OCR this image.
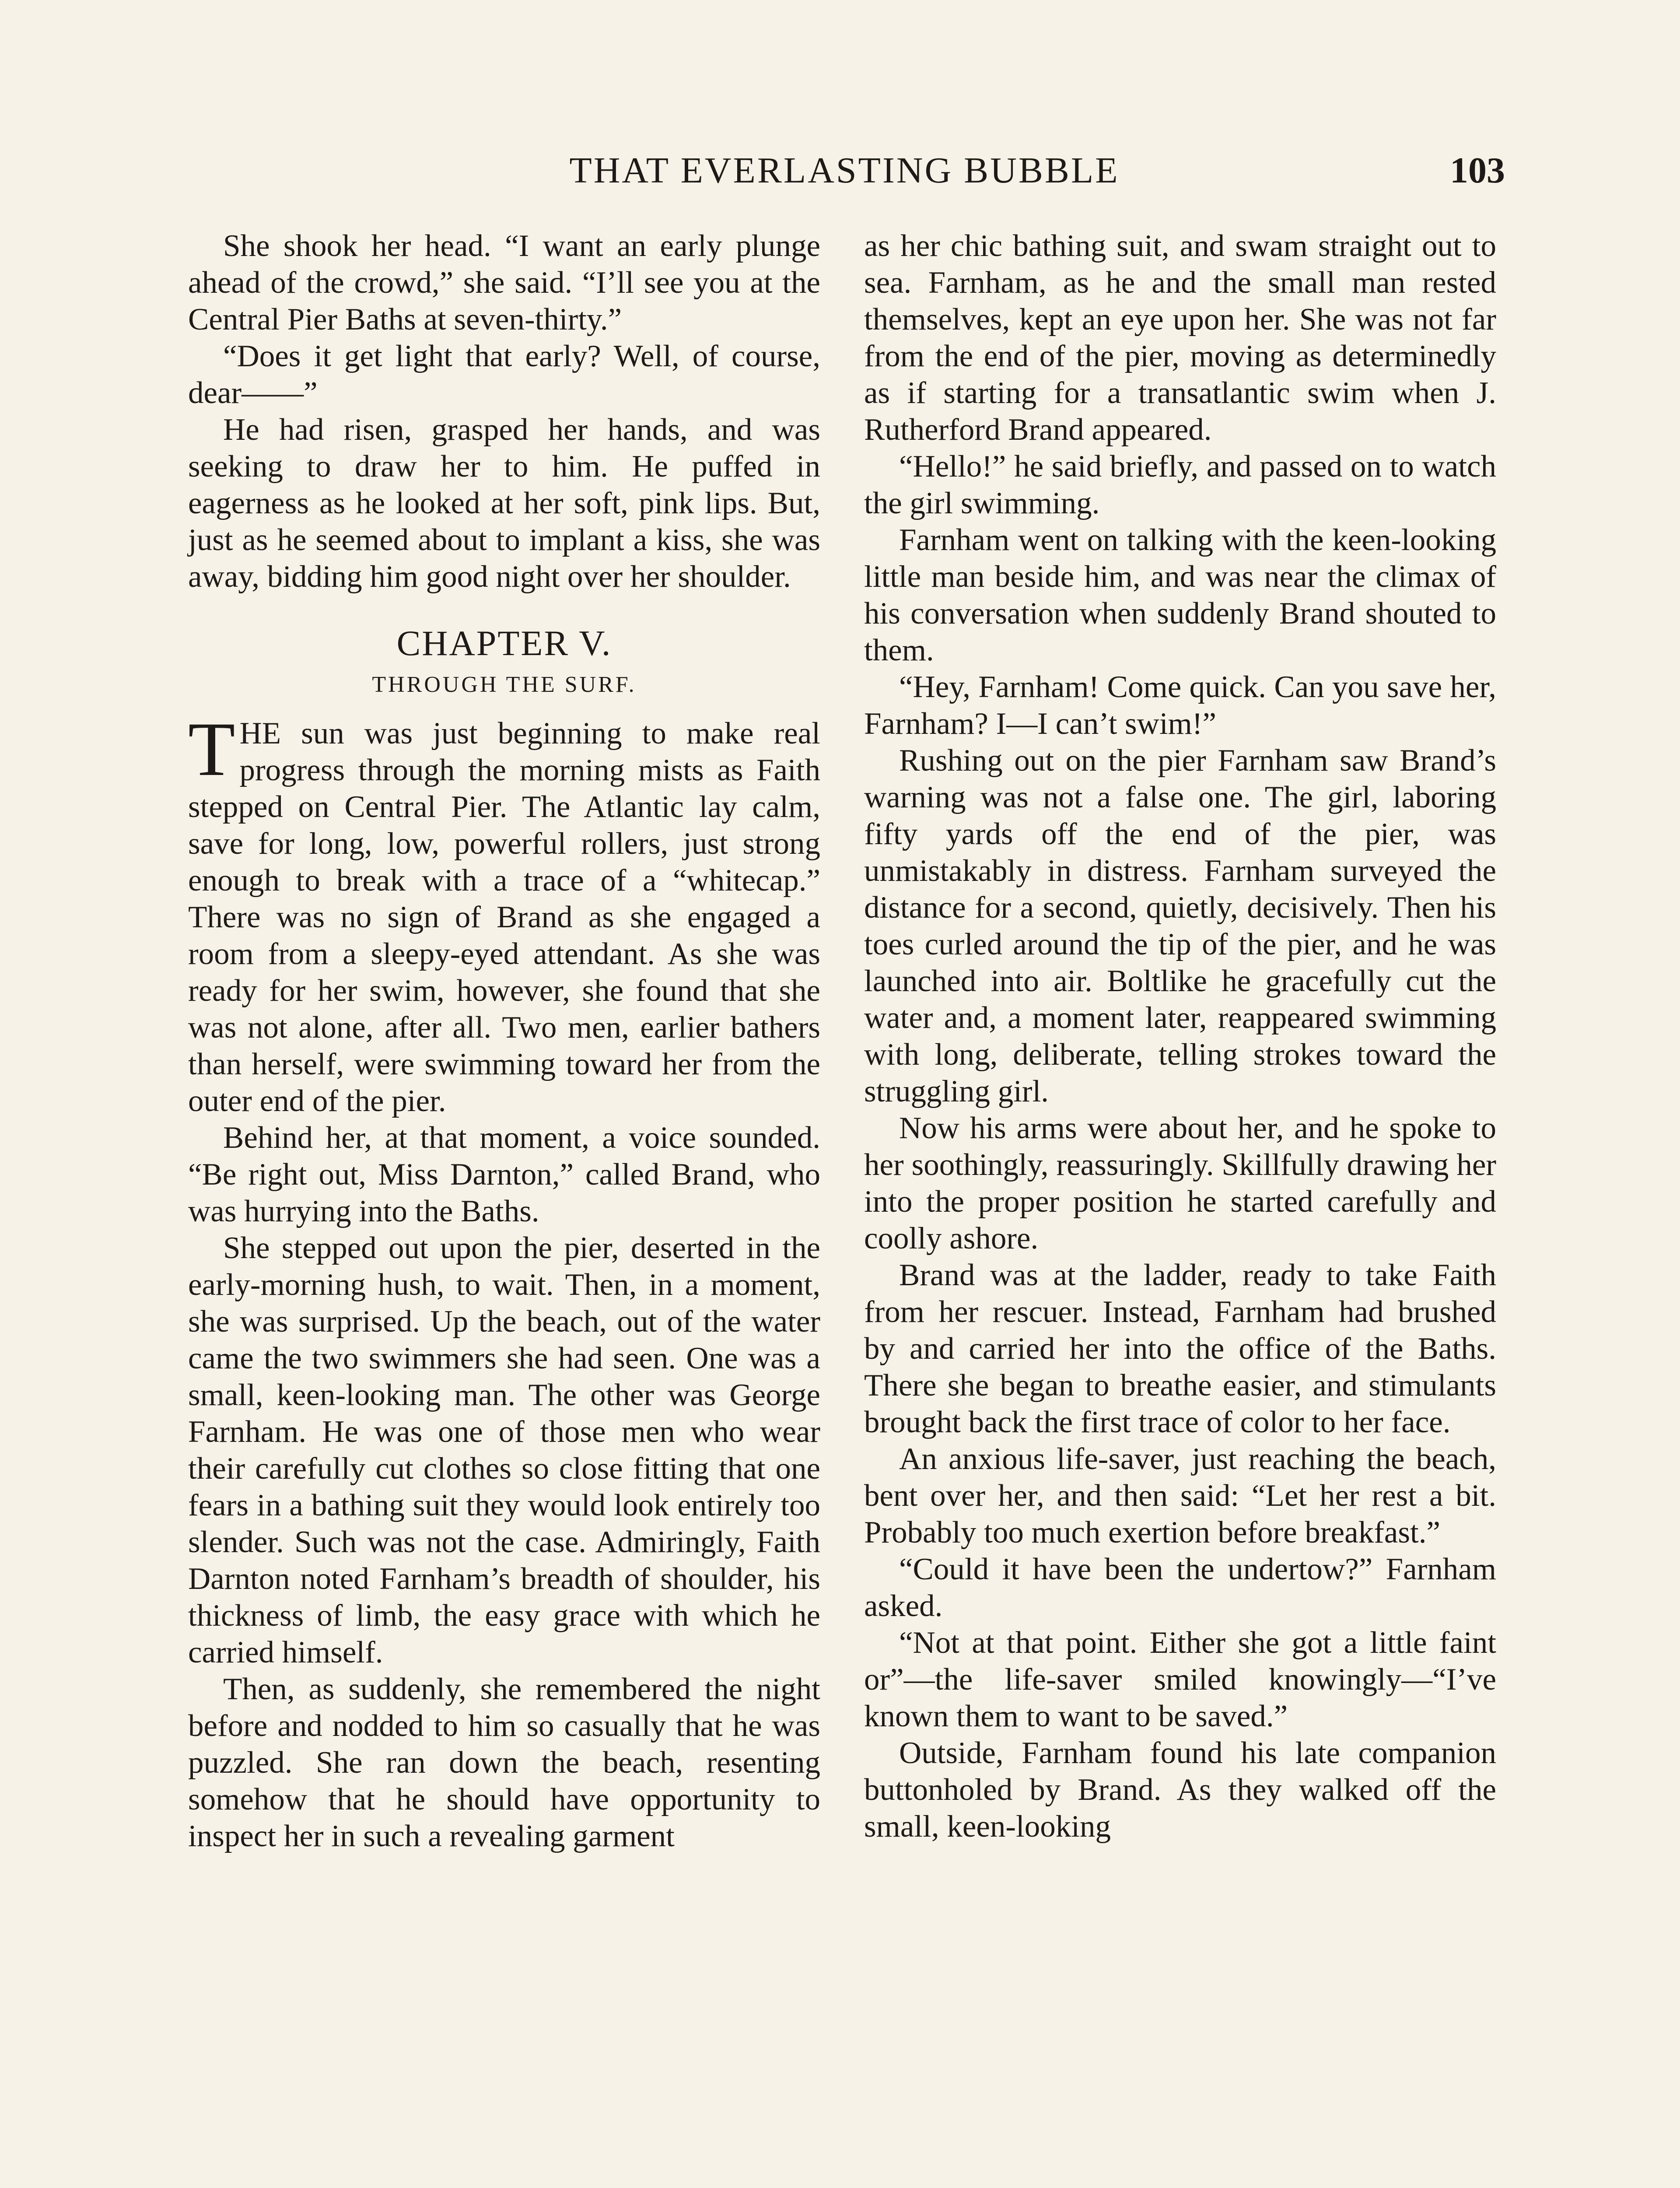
THAT EVERLASTING BUBBLE	103

She shook her head. “I want an early plunge ahead of the crowd,” she said. “I’ll see you at the Central Pier Baths at seven-thirty.”

“Does it get light that early? Well, of course, dear——”

He had risen, grasped her hands, and was seeking to draw her to him. He puffed in eagerness as he looked at her soft, pink lips. But, just as he seemed about to implant a kiss, she was away, bidding him good night over her shoulder.

CHAPTER V.
THROUGH THE SURF.

THE sun was just beginning to make real progress through the morning mists as Faith stepped on Central Pier. The Atlantic lay calm, save for long, low, powerful rollers, just strong enough to break with a trace of a “whitecap.” There was no sign of Brand as she engaged a room from a sleepy-eyed attendant. As she was ready for her swim, however, she found that she was not alone, after all. Two men, earlier bathers than herself, were swimming toward her from the outer end of the pier.

Behind her, at that moment, a voice sounded. “Be right out, Miss Darnton,” called Brand, who was hurrying into the Baths.

She stepped out upon the pier, deserted in the early-morning hush, to wait. Then, in a moment, she was surprised. Up the beach, out of the water came the two swimmers she had seen. One was a small, keen-looking man. The other was George Farnham. He was one of those men who wear their carefully cut clothes so close fitting that one fears in a bathing suit they would look entirely too slender. Such was not the case. Admiringly, Faith Darnton noted Farnham’s breadth of shoulder, his thickness of limb, the easy grace with which he carried himself.

Then, as suddenly, she remembered the night before and nodded to him so casually that he was puzzled. She ran down the beach, resenting somehow that he should have opportunity to inspect her in such a revealing garment

as her chic bathing suit, and swam straight out to sea. Farnham, as he and the small man rested themselves, kept an eye upon her. She was not far from the end of the pier, moving as determinedly as if starting for a transatlantic swim when J. Rutherford Brand appeared.

“Hello!” he said briefly, and passed on to watch the girl swimming.

Farnham went on talking with the keen-looking little man beside him, and was near the climax of his conversation when suddenly Brand shouted to them.

“Hey, Farnham! Come quick. Can you save her, Farnham? I—I can’t swim!”

Rushing out on the pier Farnham saw Brand’s warning was not a false one. The girl, laboring fifty yards off the end of the pier, was unmistakably in distress. Farnham surveyed the distance for a second, quietly, decisively. Then his toes curled around the tip of the pier, and he was launched into air. Boltlike he gracefully cut the water and, a moment later, reappeared swimming with long, deliberate, telling strokes toward the struggling girl.

Now his arms were about her, and he spoke to her soothingly, reassuringly. Skillfully drawing her into the proper position he started carefully and coolly ashore.

Brand was at the ladder, ready to take Faith from her rescuer. Instead, Farnham had brushed by and carried her into the office of the Baths. There she began to breathe easier, and stimulants brought back the first trace of color to her face.

An anxious life-saver, just reaching the beach, bent over her, and then said: “Let her rest a bit. Probably too much exertion before breakfast.”

“Could it have been the undertow?” Farnham asked.

“Not at that point. Either she got a little faint or”—the life-saver smiled knowingly—“I’ve known them to want to be saved.”

Outside, Farnham found his late companion buttonholed by Brand. As they walked off the small, keen-looking
